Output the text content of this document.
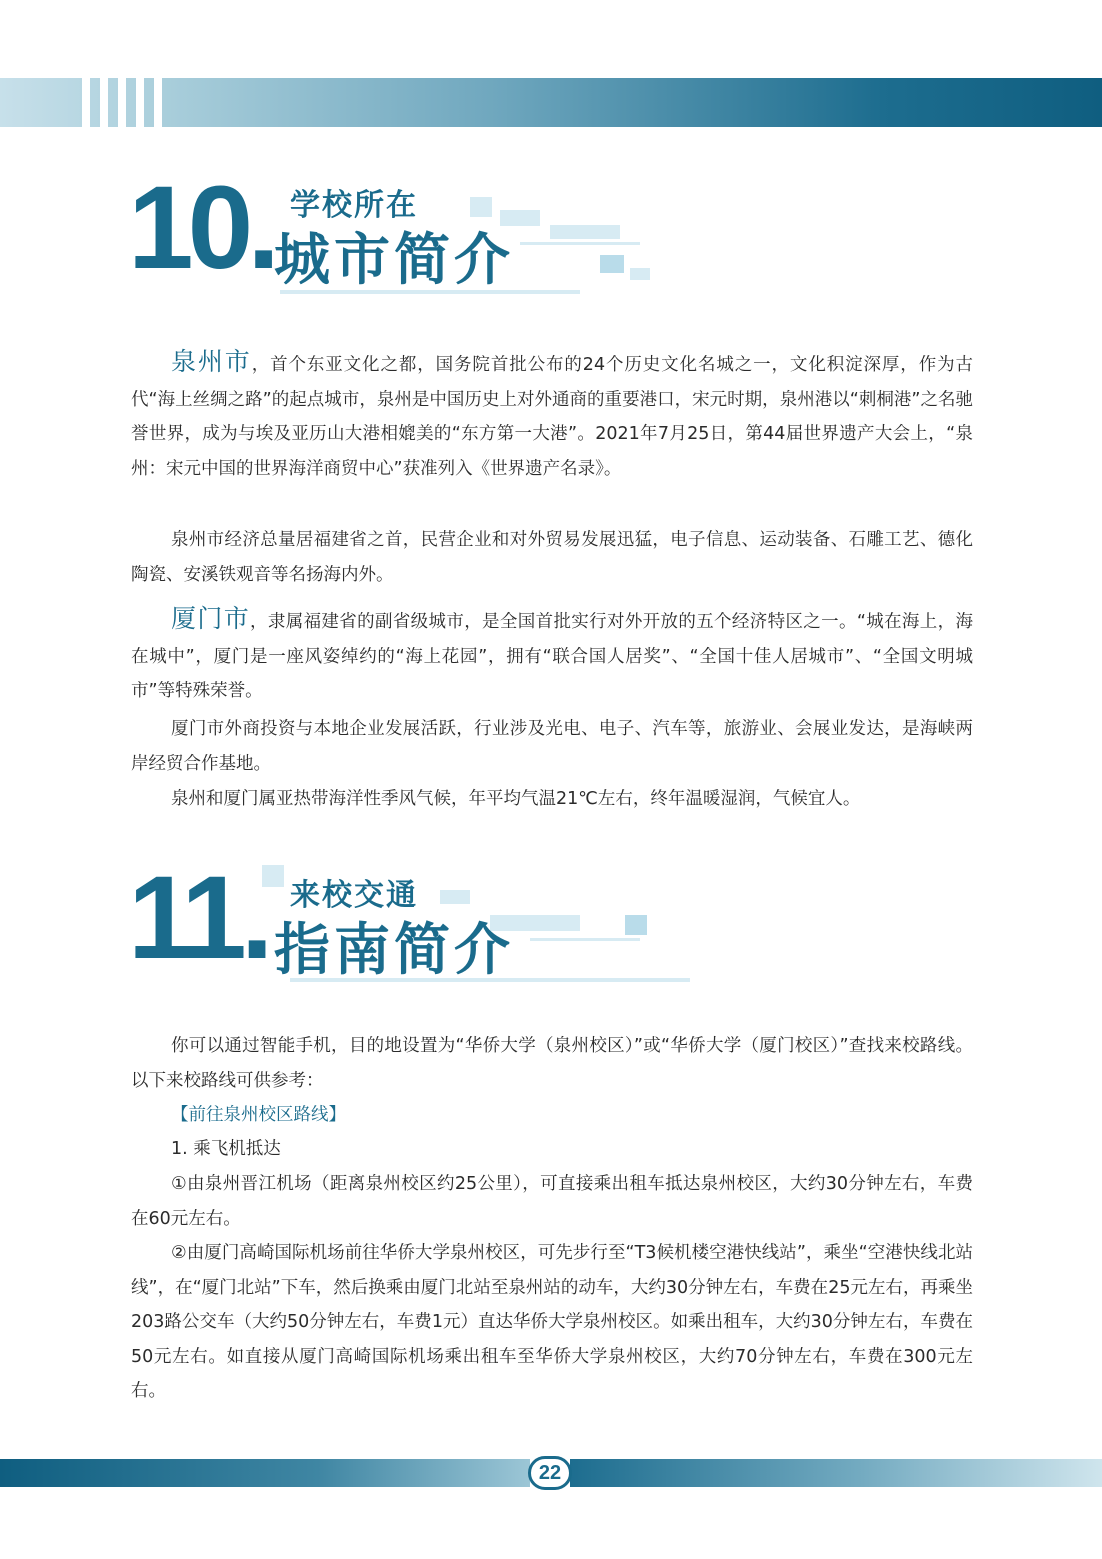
10. 学校所在
城市简介
泉州市，首个东亚文化之都，国务院首批公布的24个历史文化名城之一，文化积淀深厚，作为古代“海上丝绸之路”的起点城市，泉州是中国历史上对外通商的重要港口，宋元时期，泉州港以“刺桐港”之名驰誉世界，成为与埃及亚历山大港相媲美的“东方第一大港”。2021年7月25日，第44届世界遗产大会上，“泉州：宋元中国的世界海洋商贸中心”获准列入《世界遗产名录》。
泉州市经济总量居福建省之首，民营企业和对外贸易发展迅猛，电子信息、运动装备、石雕工艺、德化陶瓷、安溪铁观音等名扬海内外。
厦门市，隶属福建省的副省级城市，是全国首批实行对外开放的五个经济特区之一。“城在海上，海在城中”，厦门是一座风姿绰约的“海上花园”，拥有“联合国人居奖”、“全国十佳人居城市”、“全国文明城市”等特殊荣誉。
厦门市外商投资与本地企业发展活跃，行业涉及光电、电子、汽车等，旅游业、会展业发达，是海峡两岸经贸合作基地。
泉州和厦门属亚热带海洋性季风气候，年平均气温21℃左右，终年温暖湿润，气候宜人。
11. 来校交通
指南简介
你可以通过智能手机，目的地设置为“华侨大学（泉州校区）”或“华侨大学（厦门校区）”查找来校路线。以下来校路线可供参考：
【前往泉州校区路线】
1. 乘飞机抵达
①由泉州晋江机场（距离泉州校区约25公里），可直接乘出租车抵达泉州校区，大约30分钟左右，车费在60元左右。
②由厦门高崎国际机场前往华侨大学泉州校区，可先步行至“T3候机楼空港快线站”，乘坐“空港快线北站线”，在“厦门北站”下车，然后换乘由厦门北站至泉州站的动车，大约30分钟左右，车费在25元左右，再乘坐203路公交车（大约50分钟左右，车费1元）直达华侨大学泉州校区。如乘出租车，大约30分钟左右，车费在50元左右。如直接从厦门高崎国际机场乘出租车至华侨大学泉州校区，大约70分钟左右，车费在300元左右。
22
